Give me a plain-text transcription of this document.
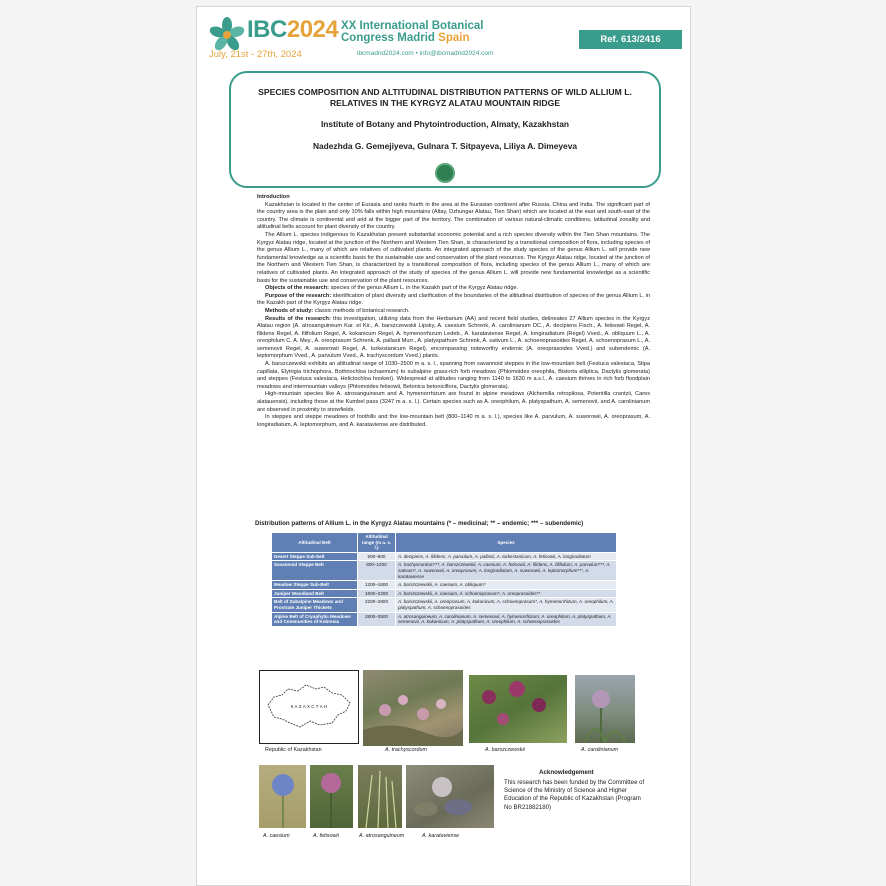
IBC2024 XX International Botanical
Congress Madrid Spain
July, 21st - 27th, 2024	ibcmadrid2024.com • info@ibcmadrid2024.com
Ref. 613/2416
SPECIES COMPOSITION AND ALTITUDINAL DISTRIBUTION PATTERNS OF WILD ALLIUM L. RELATIVES IN THE KYRGYZ ALATAU MOUNTAIN RIDGE
Institute of Botany and Phytointroduction, Almaty, Kazakhstan
Nadezhda G. Gemejiyeva, Gulnara T. Sitpayeva, Liliya A. Dimeyeva

Introduction

Kazakhstan is located in the center of Eurasia and ranks fourth in the area at the Eurasian continent after Russia, China and India. The significant part of the country area is the plain and only 10% falls within high mountains (Altay, Dzhungar Alatau, Tien Shan) which are located at the east and south-east of the country. The climate is continental and arid at the bigger part of the territory. The combination of various natural-climatic conditions, latitudinal zonality and altitudinal belts account for plant diversity of the country.

The Allium L. species indigenous to Kazakhstan present substantial economic potential and a rich species diversity within the Tien Shan mountains. The Kyrgyz Alatau ridge, located at the junction of the Northern and Western Tien Shan, is characterized by a transitional composition of flora, including species of the genus Allium L., many of which are relatives of cultivated plants. An integrated approach of the study species of the genus Allium L. will provide new fundamental knowledge as a scientific basis for the sustainable use and conservation of the plant resources. The Kyrgyz Alatau ridge, located at the junction of the Northern and Western Tien Shan, is characterized by a transitional composition of flora, including species of the genus Allium L., many of which are relatives of cultivated plants. An integrated approach of the study of species of the genus Allium L. will provide new fundamental knowledge as a scientific basis for the sustainable use and conservation of the plant resources.

Objects of the research: species of the genus Allium L. in the Kazakh part of the Kyrgyz Alatau ridge.

Purpose of the research: identification of plant diversity and clarification of the boundaries of the altitudinal distribution of species of the genus Allium L. in the Kazakh part of the Kyrgyz Alatau ridge.

Methods of study: classic methods of botanical research.

Results of the research: this investigation, utilizing data from the Herbarium (AA) and recent field studies, delineates 27 Allium species in the Kyrgyz Alatau region (A. atrosanguineum Kar. et Kir., A. barszczewskii Lipsky, A. caesium Schrenk, A. carolinianum DC., A. decipiens Fisch., A. fetisowii Regel, A. filidens Regel, A. filifolium Regel, A. kokanicum Regel, A. hymenorrhizum Ledeb., A. karataviense Regel, A. longiradiatum (Regel) Vved., A. obliquum L., A. oreophilum C. A. Mey., A. oreoprasum Schrenk, A. pallasii Murr., A. platyspathum Schrenk, A. sativum L., A. schoenoprasoides Regel, A. schoenoprasum L., A. semenovii Regel, A. suworowii Regel, A. turkestanicum Regel), encompassing noteworthy endemic (A. oreoprasoides Vved.) and subendemic (A. leptomorphum Vved., A. parvulum Vved., A. trachyscordum Vved.) plants.

A. barszczewskii exhibits an altitudinal range of 1030–2500 m a. s. l., spanning from savannoid steppes in the low-mountain belt (Festuca valesiaca, Stipa capillata, Elytrigia trichophora, Bothriochloa ischaemum) to subalpine grass-rich forb meadows (Phlomoides oreophila, Bistorta elliptica, Dactylis glomerata) and steppes (Festuca valesiaca, Helictochloa hookeri). Widespread at altitudes ranging from 1140 to 1630 m a.s.l., A. caesium thrives in rich forb floodplain meadows and intermountain valleys (Phlomoides fetisowii, Betonica betoniciflora, Dactylis glomerata).

High-mountain species like A. atrosanguineum and A. hymenorrhizum are found in alpine meadows (Alchemilla retropilosa, Potentilla crantzii, Carex alatauensis), including those at the Kumbel pass (3247 m a. s. l.). Certain species such as A. oreophilum, A. platyspathum, A. semenovii, and A. carolinianum are observed in proximity to snowfields.

In steppes and steppe meadows of foothills and the low-mountain belt (800–1140 m a. s. l.), species like A. parvulum, A. suworowii, A. oreoprasum, A. longiradiatum, A. leptomorphum, and A. karataviense are distributed.

Distribution patterns of Allium L. in the Kyrgyz Alatau mountains (* – medicinal; ** – endemic; *** – subendemic)
Altitudinal Belt	Altitudinal range (m a. s. l.)	Species
Desert Steppe Sub-belt	500–800	A. decipiens, A. filidens, A. parvulum, A. pallasii, A. turkestanicum, A. fetisowii, A. longiradiatum
Savannoid Steppe Belt	800–1200	A. trachyscordum***, A. barszczewskii, A. caesium, A. fetisowii, A. filidens, A. filifolium, A. parvulum***, A. sativum*, A. suworowii, A. oreoprasum, A. longiradiatum, A. suworowii, A. leptomorphum***, A. karataviense
Meadow Steppe Sub-Belt	1200–1600	A. barszczewskii, A. caesium, A. obliquum*
Juniper Woodland Belt	1600–2200	A. barszczewskii, A. caesium, A. schoenoprasum*, A. oreoprasoides**
Belt of Subalpine Meadows and Prostrate Juniper Thickets	2200–2800	A. barszczewskii, A. oreoprasum, A. kokanicum, A. schoenoprasum*, A. hymenorrhizum, A. oreophilum, A. platyspathum, A. schoenoprasoides
Alpine Belt of Cryophytic Meadows and Communities of Kobresia	2800–3500	A. atrosanguineum, A. carolinianum, A. semenovii, A. hymenorrhizum, A. oreophilum, A. platyspathum, A. semenovii, A. kokanicum, A. platyspathum, A. oreophilum, A. schoenoprasoides
К А З А Х С Т А Н
Republic of Kazakhstan	A. trachyscordum	A. barszczewskii	A. carolinianum
A. caesium	A. fetisowii	A. atrosanguineum	A. karataviense
Acknowledgement
This research has been funded by the Committee of Science of the Ministry of Science and Higher Education of the Republic of Kazakhstan (Program No BR21882180)
